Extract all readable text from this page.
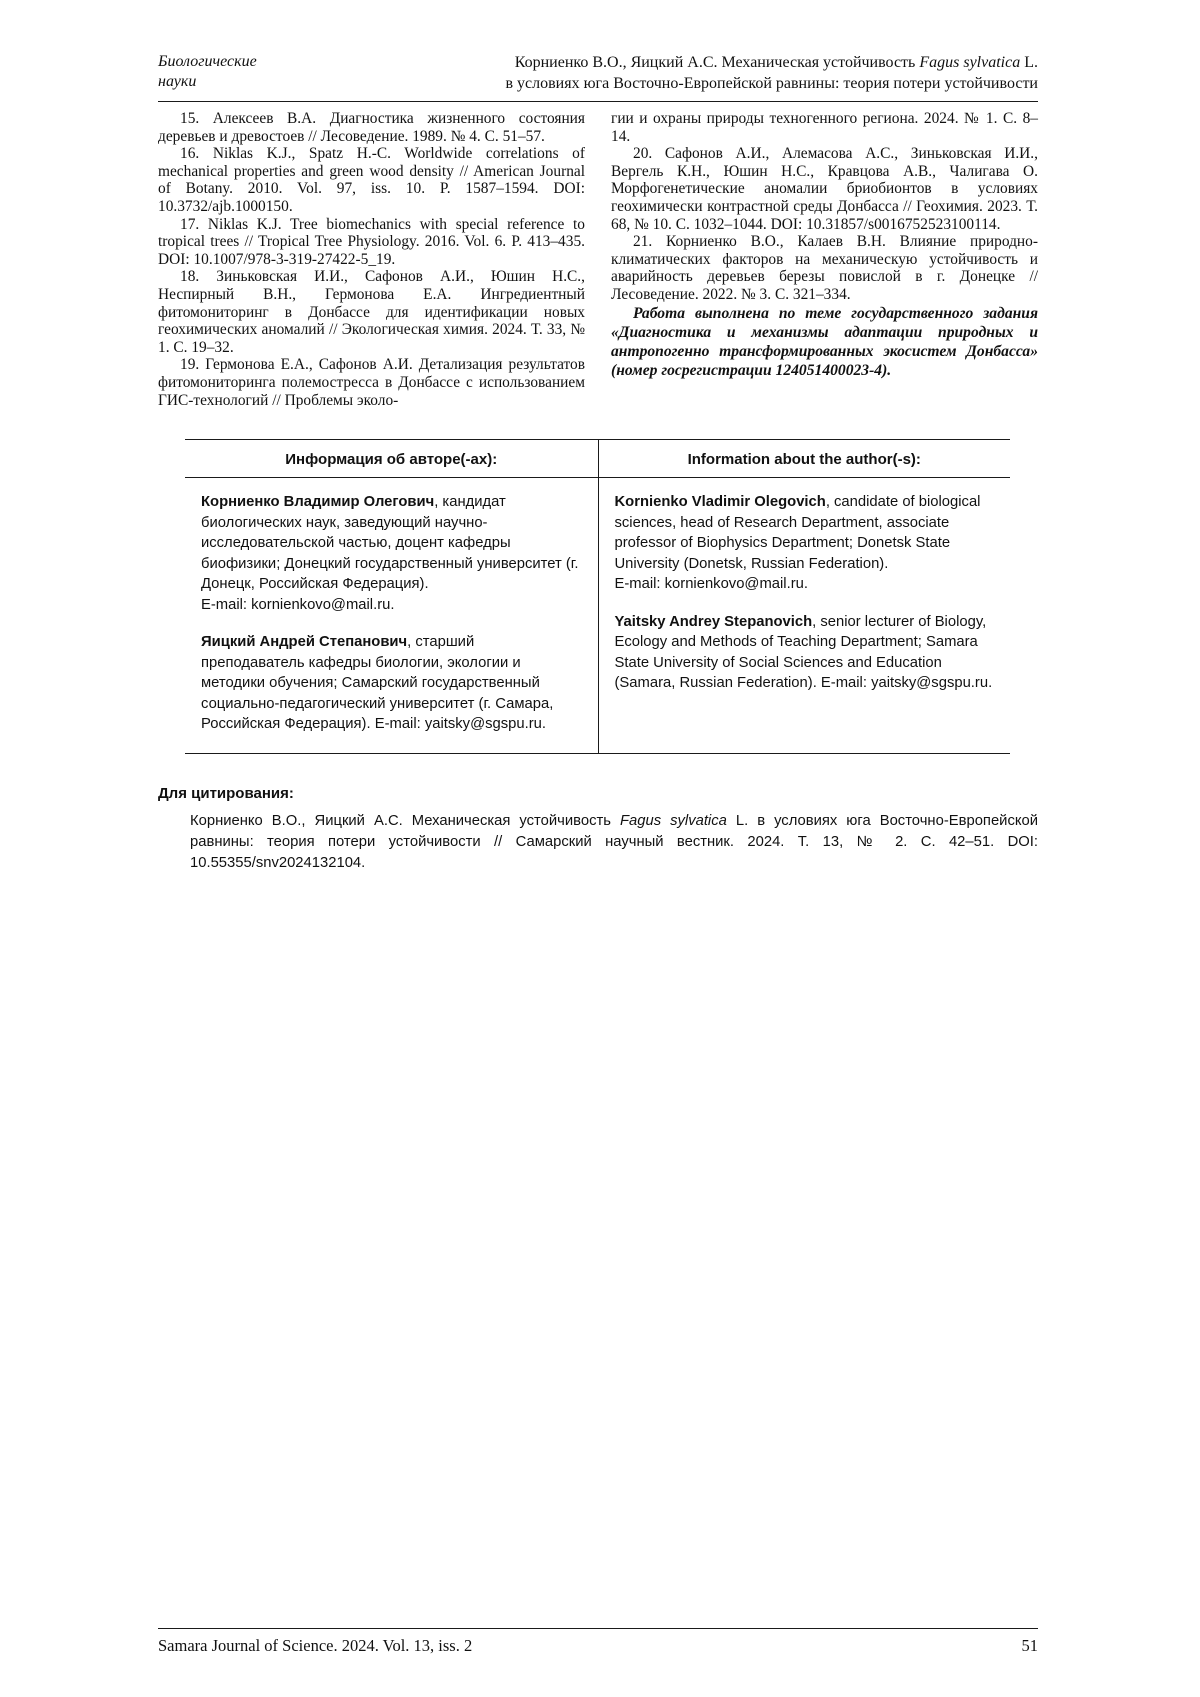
Биологические
науки
Корниенко В.О., Яицкий А.С. Механическая устойчивость Fagus sylvatica L.
в условиях юга Восточно-Европейской равнины: теория потери устойчивости

15. Алексеев В.А. Диагностика жизненного состояния деревьев и древостоев // Лесоведение. 1989. № 4. С. 51–57.

16. Niklas K.J., Spatz H.-C. Worldwide correlations of mechanical properties and green wood density // American Journal of Botany. 2010. Vol. 97, iss. 10. P. 1587–1594. DOI: 10.3732/ajb.1000150.

17. Niklas K.J. Tree biomechanics with special reference to tropical trees // Tropical Tree Physiology. 2016. Vol. 6. P. 413–435. DOI: 10.1007/978-3-319-27422-5_19.

18. Зиньковская И.И., Сафонов А.И., Юшин Н.С., Неспирный В.Н., Гермонова Е.А. Ингредиентный фитомониторинг в Донбассе для идентификации новых геохимических аномалий // Экологическая химия. 2024. Т. 33, № 1. С. 19–32.

19. Гермонова Е.А., Сафонов А.И. Детализация результатов фитомониторинга полемостресса в Донбассе с использованием ГИС-технологий // Проблемы эколо-

гии и охраны природы техногенного региона. 2024. № 1. С. 8–14.

20. Сафонов А.И., Алемасова А.С., Зиньковская И.И., Вергель К.Н., Юшин Н.С., Кравцова А.В., Чалигава О. Морфогенетические аномалии бриобионтов в условиях геохимически контрастной среды Донбасса // Геохимия. 2023. Т. 68, № 10. С. 1032–1044. DOI: 10.31857/s0016752523100114.

21. Корниенко В.О., Калаев В.Н. Влияние природно-климатических факторов на механическую устойчивость и аварийность деревьев березы повислой в г. Донецке // Лесоведение. 2022. № 3. С. 321–334.

Работа выполнена по теме государственного задания «Диагностика и механизмы адаптации природных и антропогенно трансформированных экосистем Донбасса» (номер госрегистрации 124051400023-4).

Информация об авторе(-ах):	Information about the author(-s):

Корниенко Владимир Олегович, кандидат биологических наук, заведующий научно-исследовательской частью, доцент кафедры биофизики; Донецкий государственный университет (г. Донецк, Российская Федерация).

E-mail: kornienkovo@mail.ru.

Яицкий Андрей Степанович, старший преподаватель кафедры биологии, экологии и методики обучения; Самарский государственный социально-педагогический университет (г. Самара, Российская Федерация). E-mail: yaitsky@sgspu.ru.

Kornienko Vladimir Olegovich, candidate of biological sciences, head of Research Department, associate professor of Biophysics Department; Donetsk State University (Donetsk, Russian Federation).

E-mail: kornienkovo@mail.ru.

Yaitsky Andrey Stepanovich, senior lecturer of Biology, Ecology and Methods of Teaching Department; Samara State University of Social Sciences and Education (Samara, Russian Federation). E-mail: yaitsky@sgspu.ru.

Для цитирования:

Корниенко В.О., Яицкий А.С. Механическая устойчивость Fagus sylvatica L. в условиях юга Восточно-Европейской равнины: теория потери устойчивости // Самарский научный вестник. 2024. Т. 13, № 2. С. 42–51. DOI: 10.55355/snv2024132104.

Samara Journal of Science. 2024. Vol. 13, iss. 2	51
